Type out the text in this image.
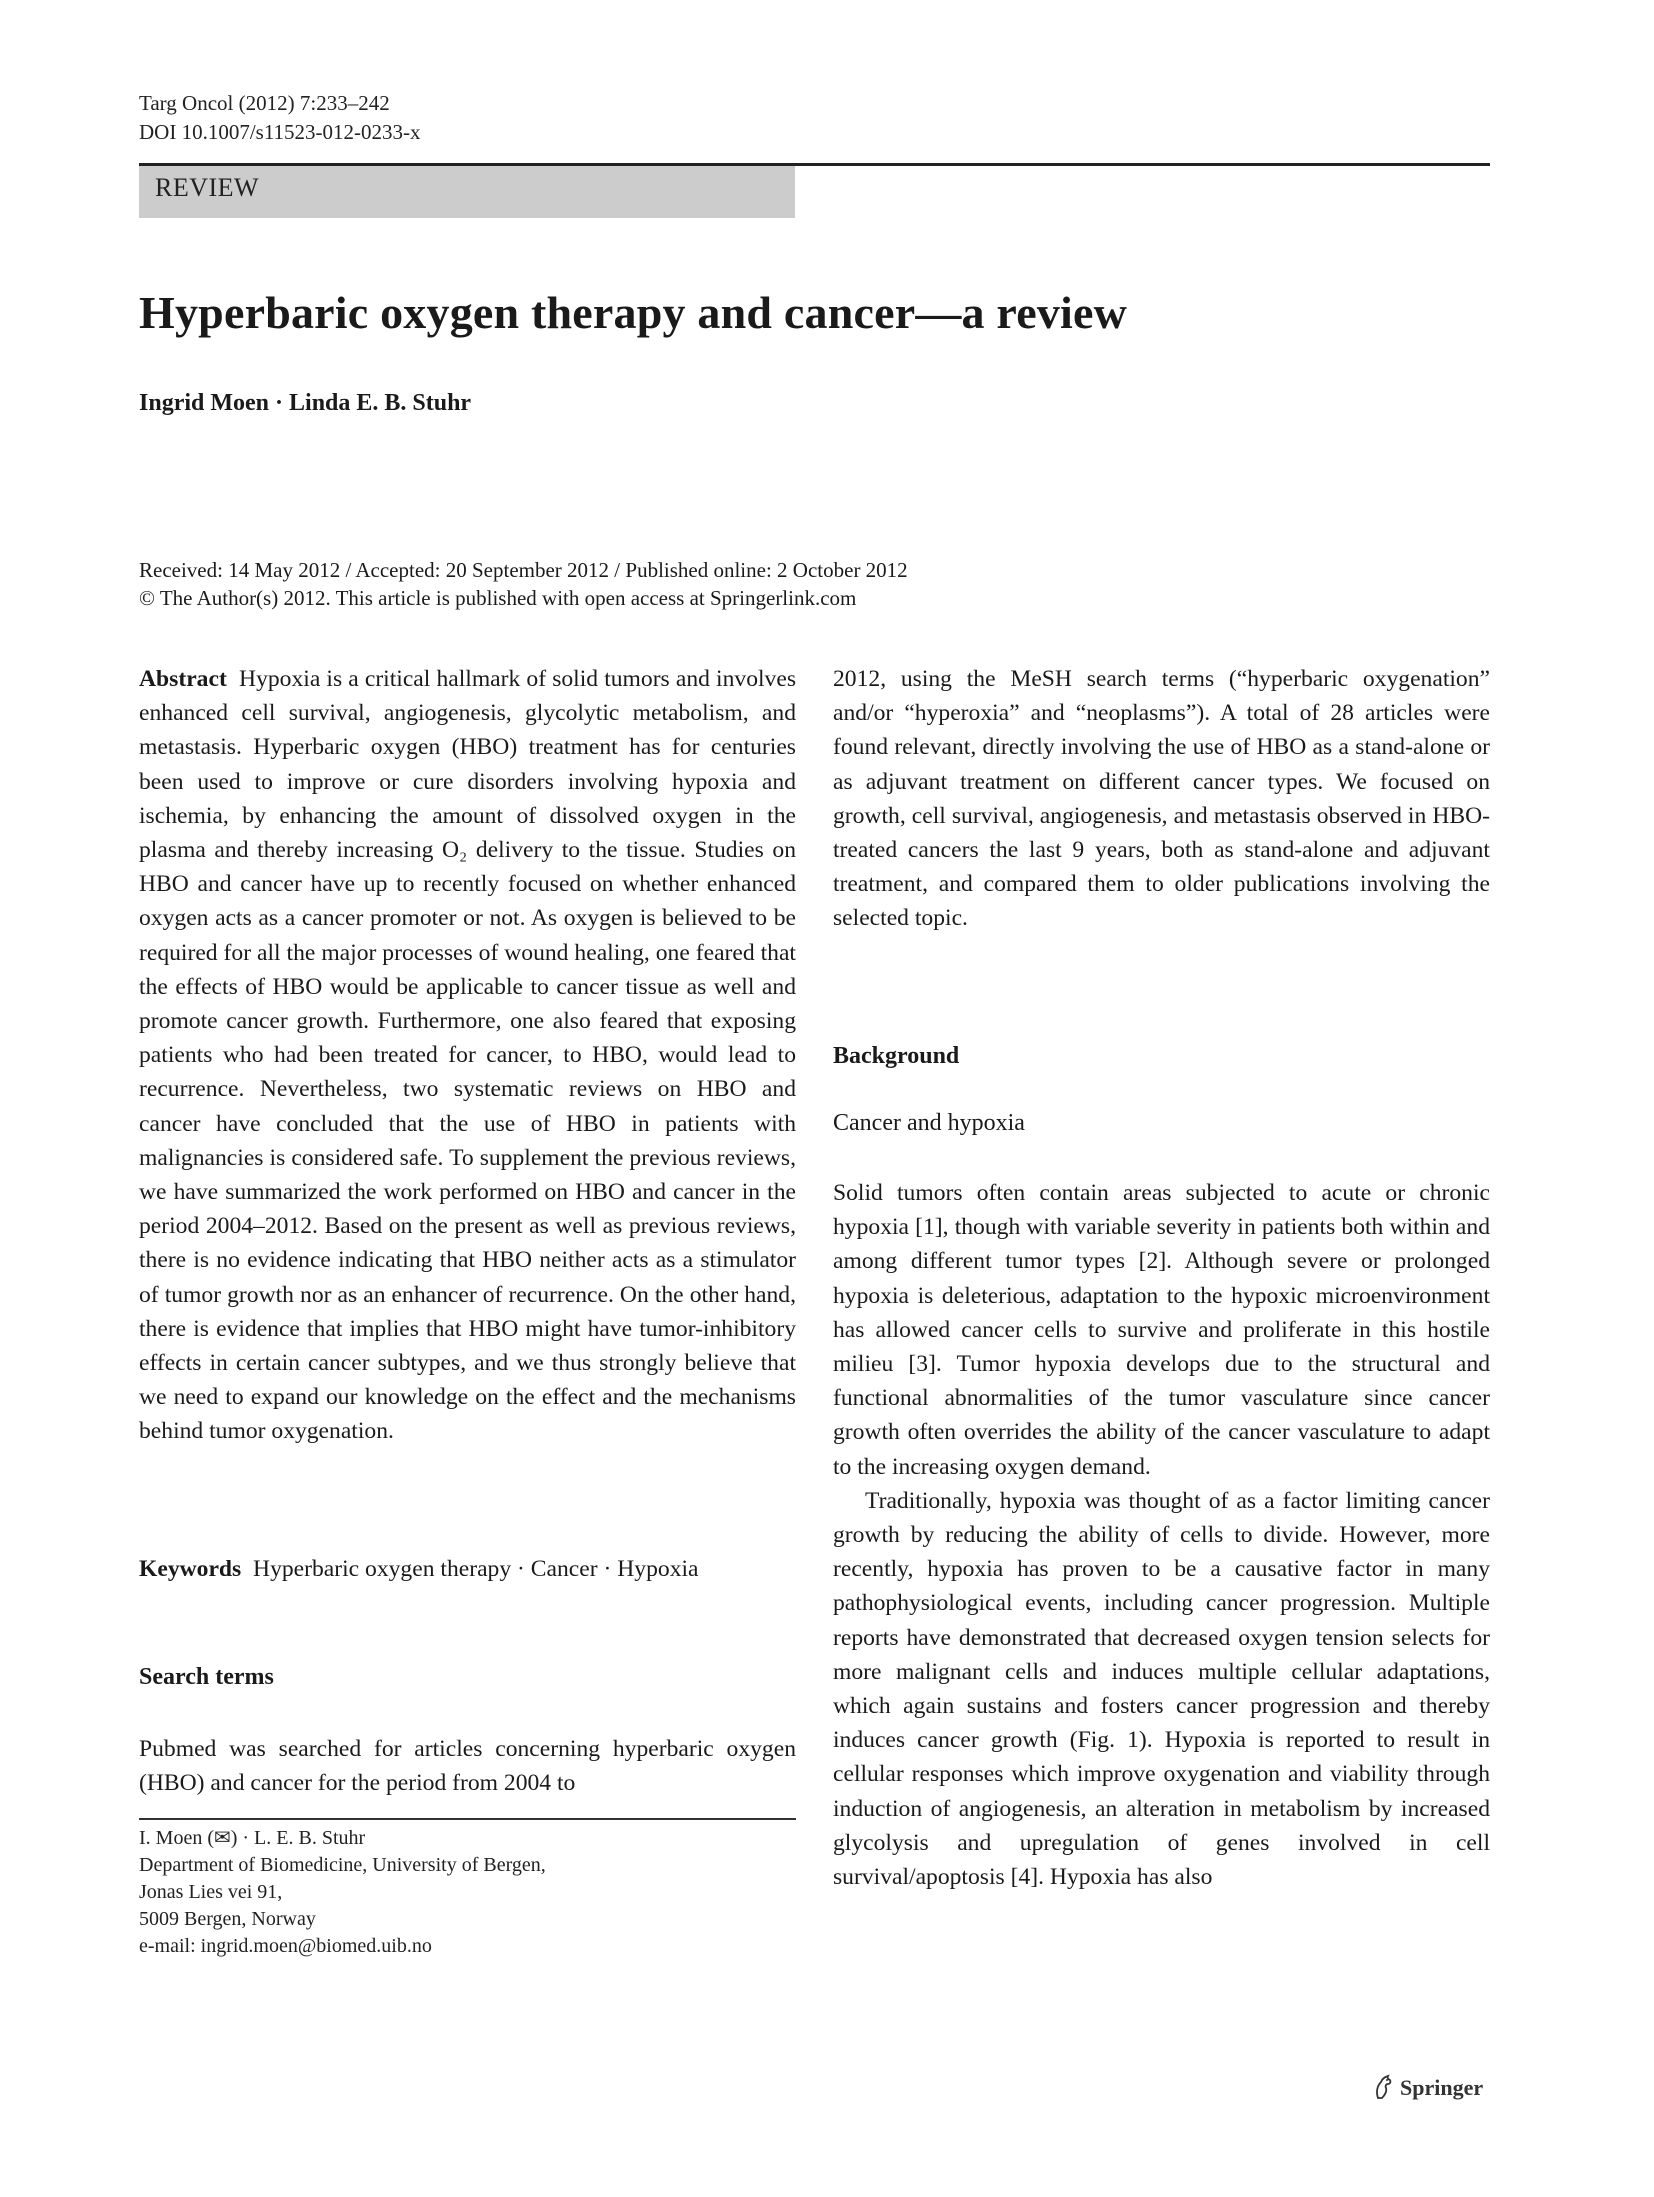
Targ Oncol (2012) 7:233–242
DOI 10.1007/s11523-012-0233-x
REVIEW
Hyperbaric oxygen therapy and cancer—a review
Ingrid Moen · Linda E. B. Stuhr
Received: 14 May 2012 / Accepted: 20 September 2012 / Published online: 2 October 2012
© The Author(s) 2012. This article is published with open access at Springerlink.com

Abstract Hypoxia is a critical hallmark of solid tumors and involves enhanced cell survival, angiogenesis, glycolytic metabolism, and metastasis. Hyperbaric oxygen (HBO) treatment has for centuries been used to improve or cure disorders involving hypoxia and ischemia, by enhancing the amount of dissolved oxygen in the plasma and thereby increasing O₂ delivery to the tissue. Studies on HBO and cancer have up to recently focused on whether enhanced oxygen acts as a cancer promoter or not. As oxygen is believed to be required for all the major processes of wound healing, one feared that the effects of HBO would be applicable to cancer tissue as well and promote cancer growth. Furthermore, one also feared that exposing patients who had been treated for cancer, to HBO, would lead to recurrence. Nevertheless, two systematic reviews on HBO and cancer have concluded that the use of HBO in patients with malignancies is considered safe. To supplement the previous reviews, we have summarized the work performed on HBO and cancer in the period 2004–2012. Based on the present as well as previous reviews, there is no evidence indicating that HBO neither acts as a stimulator of tumor growth nor as an enhancer of recurrence. On the other hand, there is evidence that implies that HBO might have tumor-inhibitory effects in certain cancer subtypes, and we thus strongly believe that we need to expand our knowledge on the effect and the mechanisms behind tumor oxygenation.

Keywords Hyperbaric oxygen therapy · Cancer · Hypoxia
Search terms

Pubmed was searched for articles concerning hyperbaric oxygen (HBO) and cancer for the period from 2004 to

I. Moen (✉) · L. E. B. Stuhr
Department of Biomedicine, University of Bergen,
Jonas Lies vei 91,
5009 Bergen, Norway
e-mail: ingrid.moen@biomed.uib.no

2012, using the MeSH search terms (“hyperbaric oxygenation” and/or “hyperoxia” and “neoplasms”). A total of 28 articles were found relevant, directly involving the use of HBO as a stand-alone or as adjuvant treatment on different cancer types. We focused on growth, cell survival, angiogenesis, and metastasis observed in HBO-treated cancers the last 9 years, both as stand-alone and adjuvant treatment, and compared them to older publications involving the selected topic.

Background
Cancer and hypoxia

Solid tumors often contain areas subjected to acute or chronic hypoxia [1], though with variable severity in patients both within and among different tumor types [2]. Although severe or prolonged hypoxia is deleterious, adaptation to the hypoxic microenvironment has allowed cancer cells to survive and proliferate in this hostile milieu [3]. Tumor hypoxia develops due to the structural and functional abnormalities of the tumor vasculature since cancer growth often overrides the ability of the cancer vasculature to adapt to the increasing oxygen demand.

Traditionally, hypoxia was thought of as a factor limiting cancer growth by reducing the ability of cells to divide. However, more recently, hypoxia has proven to be a causative factor in many pathophysiological events, including cancer progression. Multiple reports have demonstrated that decreased oxygen tension selects for more malignant cells and induces multiple cellular adaptations, which again sustains and fosters cancer progression and thereby induces cancer growth (Fig. 1). Hypoxia is reported to result in cellular responses which improve oxygenation and viability through induction of angiogenesis, an alteration in metabolism by increased glycolysis and upregulation of genes involved in cell survival/apoptosis [4]. Hypoxia has also

Springer
